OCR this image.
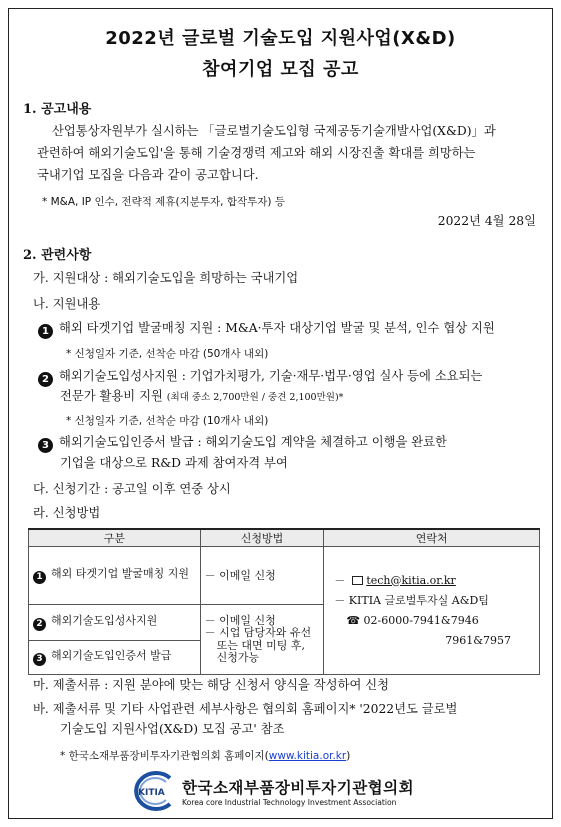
2022년 글로벌 기술도입 지원사업(X&D)
참여기업 모집 공고
1. 공고내용
산업통상자원부가 실시하는 「글로벌기술도입형 국제공동기술개발사업(X&D)」과
관련하여 해외기술도입'을 통해 기술경쟁력 제고와 해외 시장진출 확대를 희망하는
국내기업 모집을 다음과 같이 공고합니다.
* M&A, IP 인수, 전략적 제휴(지분투자, 합작투자) 등
2022년 4월 28일
2. 관련사항
가. 지원대상 : 해외기술도입을 희망하는 국내기업
나. 지원내용
1 해외 타겟기업 발굴매칭 지원 : M&A·투자 대상기업 발굴 및 분석, 인수 협상 지원
* 신청일자 기준, 선착순 마감 (50개사 내외)
2 해외기술도입성사지원 : 기업가치평가, 기술·재무·법무·영업 실사 등에 소요되는
전문가 활용비 지원 (최대 중소 2,700만원 / 중견 2,100만원)*
* 신청일자 기준, 선착순 마감 (10개사 내외)
3 해외기술도입인증서 발급 : 해외기술도입 계약을 체결하고 이행을 완료한
기업을 대상으로 R&D 과제 참여자격 부여
다. 신청기간 : 공고일 이후 연중 상시
라. 신청방법
구분	신청방법	연락처
1 해외 타겟기업 발굴매칭 지원	－ 이메일 신청	－ tech@kitia.or.kr
－ KITIA 글로벌투자실 A&D팀
☎ 02-6000-7941&7946
7961&7957

2 해외기술도입성사지원	－ 이메일 신청
－ 시업 담당자와 유선
또는 대면 미팅 후,
신청가능	

3 해외기술도입인증서 발급		
마. 제출서류 : 지원 분야에 맞는 해당 신청서 양식을 작성하여 신청
바. 제출서류 및 기타 사업관련 세부사항은 협의회 홈페이지* '2022년도 글로벌
기술도입 지원사업(X&D) 모집 공고' 참조
* 한국소재부품장비투자기관협의회 홈페이지(www.kitia.or.kr)
KITIA 한국소재부품장비투자기관협의회
Korea core Industrial Technology Investment Association
